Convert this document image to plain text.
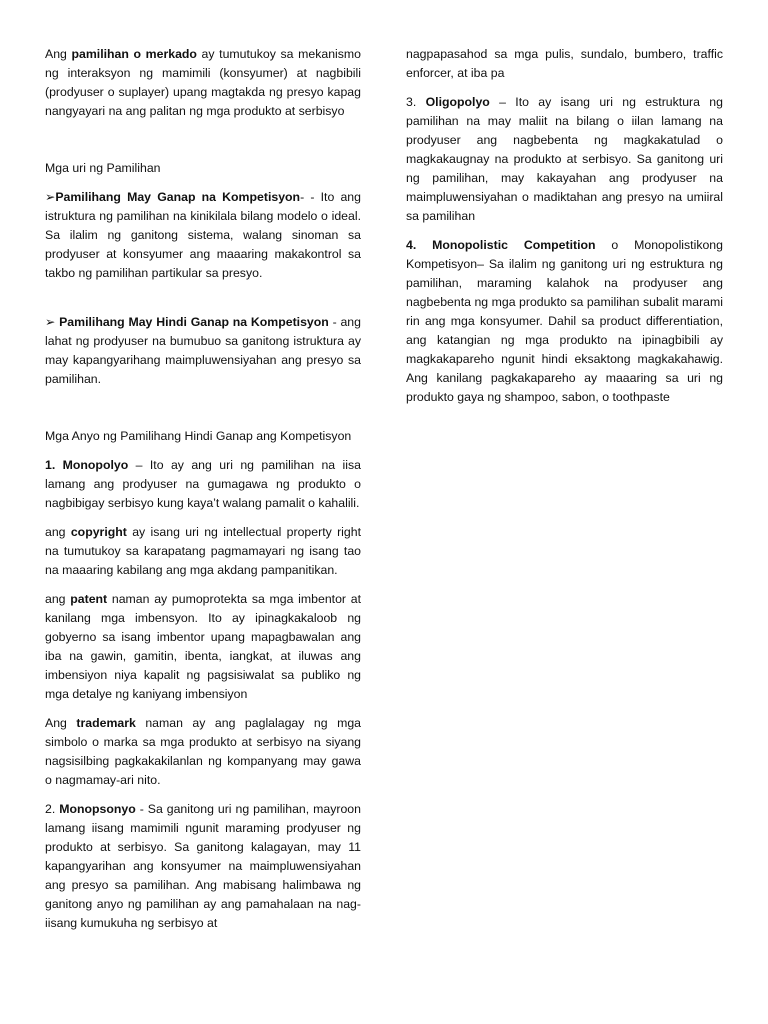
Ang pamilihan o merkado ay tumutukoy sa mekanismo ng interaksyon ng mamimili (konsyumer) at nagbibili (prodyuser o suplayer) upang magtakda ng presyo kapag nangyayari na ang palitan ng mga produkto at serbisyo

Mga uri ng Pamilihan

➢Pamilihang May Ganap na Kompetisyon- - Ito ang istruktura ng pamilihan na kinikilala bilang modelo o ideal. Sa ilalim ng ganitong sistema, walang sinoman sa prodyuser at konsyumer ang maaaring makakontrol sa takbo ng pamilihan partikular sa presyo.

➢ Pamilihang May Hindi Ganap na Kompetisyon - ang lahat ng prodyuser na bumubuo sa ganitong istruktura ay may kapangyarihang maimpluwensiyahan ang presyo sa pamilihan.

Mga Anyo ng Pamilihang Hindi Ganap ang Kompetisyon

1. Monopolyo – Ito ay ang uri ng pamilihan na iisa lamang ang prodyuser na gumagawa ng produkto o nagbibigay serbisyo kung kaya’t walang pamalit o kahalili.

ang copyright ay isang uri ng intellectual property right na tumutukoy sa karapatang pagmamayari ng isang tao na maaaring kabilang ang mga akdang pampanitikan.

ang patent naman ay pumoprotekta sa mga imbentor at kanilang mga imbensyon. Ito ay ipinagkakaloob ng gobyerno sa isang imbentor upang mapagbawalan ang iba na gawin, gamitin, ibenta, iangkat, at iluwas ang imbensiyon niya kapalit ng pagsisiwalat sa publiko ng mga detalye ng kaniyang imbensiyon

Ang trademark naman ay ang paglalagay ng mga simbolo o marka sa mga produkto at serbisyo na siyang nagsisilbing pagkakakilanlan ng kompanyang may gawa o nagmamay-ari nito.

2. Monopsonyo - Sa ganitong uri ng pamilihan, mayroon lamang iisang mamimili ngunit maraming prodyuser ng produkto at serbisyo. Sa ganitong kalagayan, may 11 kapangyarihan ang konsyumer na maimpluwensiyahan ang presyo sa pamilihan. Ang mabisang halimbawa ng ganitong anyo ng pamilihan ay ang pamahalaan na nag-iisang kumukuha ng serbisyo at

nagpapasahod sa mga pulis, sundalo, bumbero, traffic enforcer, at iba pa

3. Oligopolyo – Ito ay isang uri ng estruktura ng pamilihan na may maliit na bilang o iilan lamang na prodyuser ang nagbebenta ng magkakatulad o magkakaugnay na produkto at serbisyo. Sa ganitong uri ng pamilihan, may kakayahan ang prodyuser na maimpluwensiyahan o madiktahan ang presyo na umiiral sa pamilihan

4. Monopolistic Competition o Monopolistikong Kompetisyon– Sa ilalim ng ganitong uri ng estruktura ng pamilihan, maraming kalahok na prodyuser ang nagbebenta ng mga produkto sa pamilihan subalit marami rin ang mga konsyumer. Dahil sa product differentiation, ang katangian ng mga produkto na ipinagbibili ay magkakapareho ngunit hindi eksaktong magkakahawig. Ang kanilang pagkakapareho ay maaaring sa uri ng produkto gaya ng shampoo, sabon, o toothpaste
